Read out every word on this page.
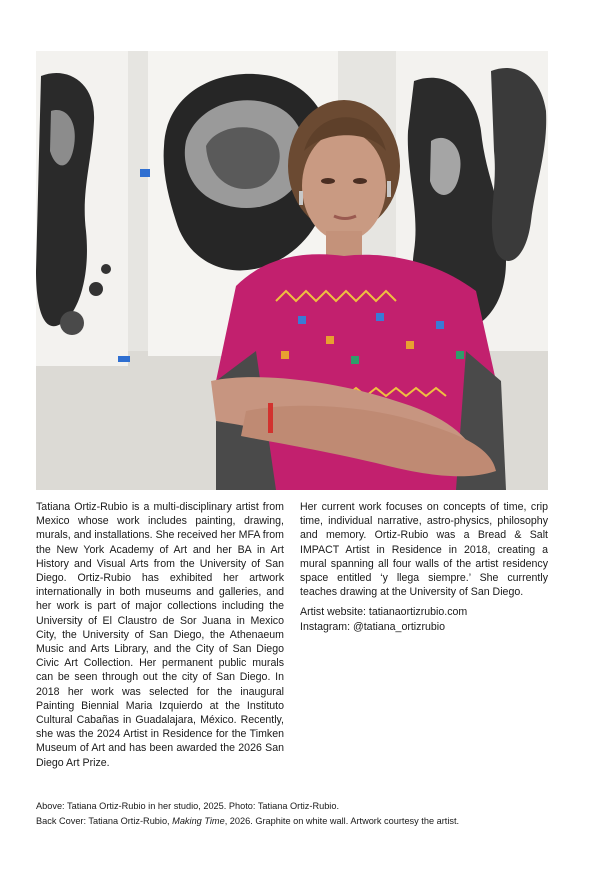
Tatiana Ortiz-Rubio is a multi-disciplinary artist from Mexico whose work includes painting, drawing, murals, and installations. She received her MFA from the New York Academy of Art and her BA in Art History and Visual Arts from the University of San Diego. Ortiz-Rubio has exhibited her artwork internationally in both museums and galleries, and her work is part of major collections including the University of El Claustro de Sor Juana in Mexico City, the University of San Diego, the Athenaeum Music and Arts Library, and the City of San Diego Civic Art Collection. Her permanent public murals can be seen through out the city of San Diego. In 2018 her work was selected for the inaugural Painting Biennial Maria Izquierdo at the Instituto Cultural Cabañas in Guadalajara, México. Recently, she was the 2024 Artist in Residence for the Timken Museum of Art and has been awarded the 2026 San Diego Art Prize.

Her current work focuses on concepts of time, crip time, individual narrative, astro-physics, philosophy and memory. Ortiz-Rubio was a Bread & Salt IMPACT Artist in Residence in 2018, creating a mural spanning all four walls of the artist residency space entitled ‘y llega siempre.’ She currently teaches drawing at the University of San Diego.

Artist website: tatianaortizrubio.com

Instagram: @tatiana_ortizrubio

Above: Tatiana Ortiz-Rubio in her studio, 2025. Photo: Tatiana Ortiz-Rubio.
Back Cover: Tatiana Ortiz-Rubio, Making Time, 2026. Graphite on white wall. Artwork courtesy the artist.
